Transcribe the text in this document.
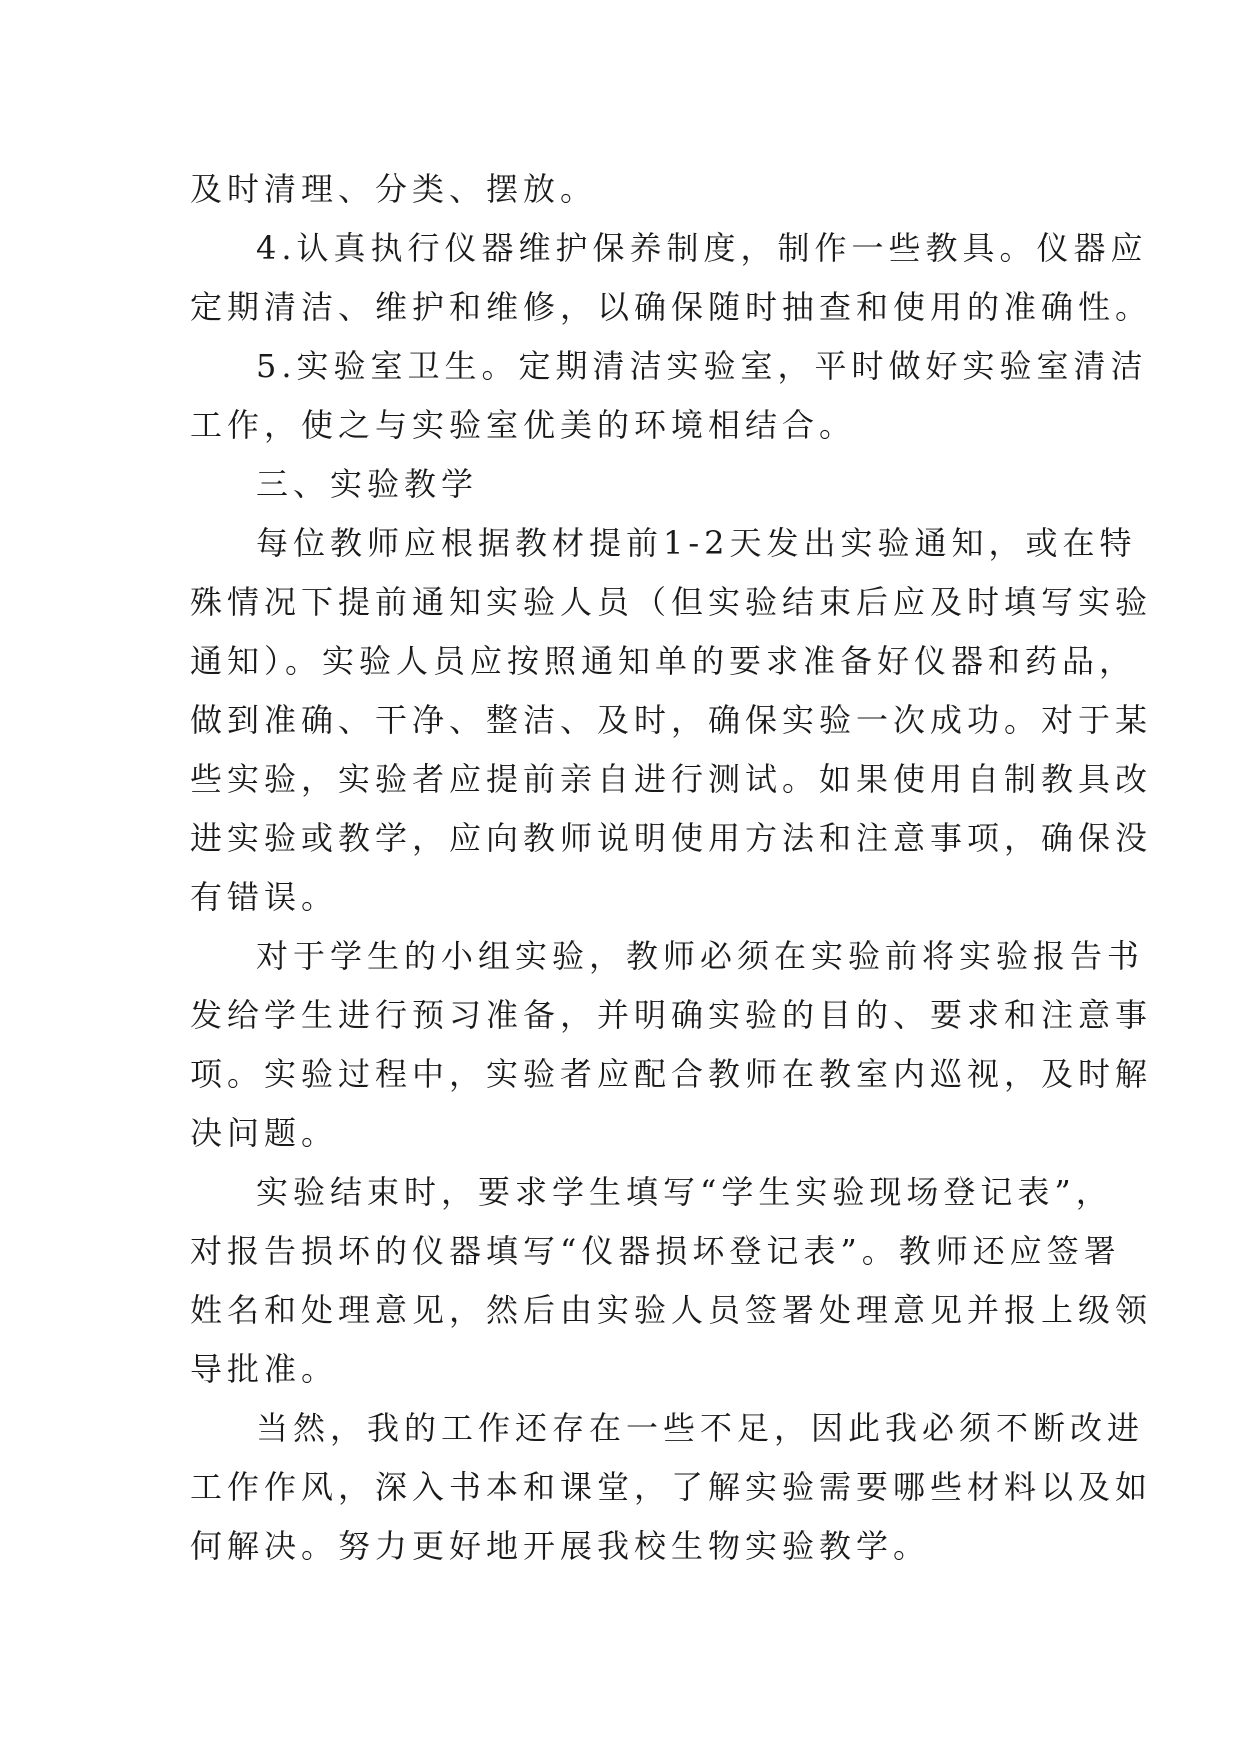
及时清理、分类、摆放。
4.认真执行仪器维护保养制度，制作一些教具。仪器应
定期清洁、维护和维修，以确保随时抽查和使用的准确性。
5.实验室卫生。定期清洁实验室，平时做好实验室清洁
工作，使之与实验室优美的环境相结合。
三、实验教学
每位教师应根据教材提前1-2天发出实验通知，或在特
殊情况下提前通知实验人员（但实验结束后应及时填写实验
通知）。实验人员应按照通知单的要求准备好仪器和药品，
做到准确、干净、整洁、及时，确保实验一次成功。对于某
些实验，实验者应提前亲自进行测试。如果使用自制教具改
进实验或教学，应向教师说明使用方法和注意事项，确保没
有错误。
对于学生的小组实验，教师必须在实验前将实验报告书
发给学生进行预习准备，并明确实验的目的、要求和注意事
项。实验过程中，实验者应配合教师在教室内巡视，及时解
决问题。
实验结束时，要求学生填写“学生实验现场登记表”，
对报告损坏的仪器填写“仪器损坏登记表”。教师还应签署
姓名和处理意见，然后由实验人员签署处理意见并报上级领
导批准。
当然，我的工作还存在一些不足，因此我必须不断改进
工作作风，深入书本和课堂，了解实验需要哪些材料以及如
何解决。努力更好地开展我校生物实验教学。
